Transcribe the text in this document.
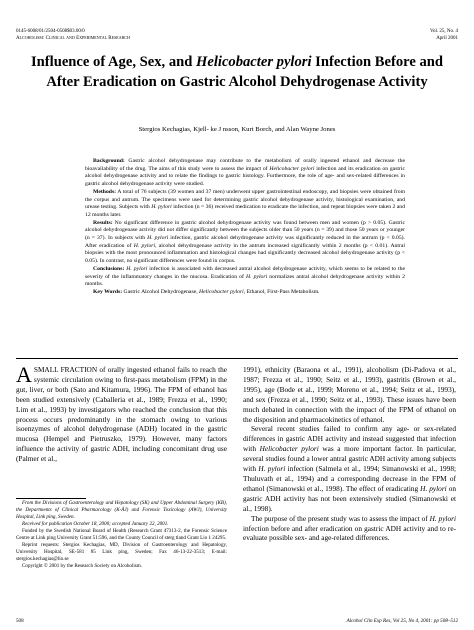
0145-6008/01/2504-0508$03.00/0
Alcoholism: Clinical and Experimental Research
Vol. 25, No. 4
April 2001
Influence of Age, Sex, and Helicobacter pylori Infection Before and After Eradication on Gastric Alcohol Dehydrogenase Activity
Stergios Kechagias, Kjell- ke J nsson, Kurt Borch, and Alan Wayne Jones

Background: Gastric alcohol dehydrogenase may contribute to the metabolism of orally ingested ethanol and decrease the bioavailability of the drug. The aims of this study were to assess the impact of Helicobacter pylori infection and its eradication on gastric alcohol dehydrogenase activity and to relate the findings to gastric histology. Furthermore, the role of age- and sex-related differences in gastric alcohol dehydrogenase activity were studied.

Methods: A total of 76 subjects (39 women and 37 men) underwent upper gastrointestinal endoscopy, and biopsies were obtained from the corpus and antrum. The specimens were used for determining gastric alcohol dehydrogenase activity, histological examination, and urease testing. Subjects with H. pylori infection (n = 36) received medication to eradicate the infection, and repeat biopsies were taken 2 and 12 months later.

Results: No significant difference in gastric alcohol dehydrogenase activity was found between men and women (p > 0.05). Gastric alcohol dehydrogenase activity did not differ significantly between the subjects older than 50 years (n = 39) and those 50 years or younger (n = 37). In subjects with H. pylori infection, gastric alcohol dehydrogenase activity was significantly reduced in the antrum (p < 0.05). After eradication of H. pylori, alcohol dehydrogenase activity in the antrum increased significantly within 2 months (p < 0.01). Antral biopsies with the most pronounced inflammation and histological changes had significantly decreased alcohol dehydrogenase activity (p < 0.05). In contrast, no significant differences were found in corpus.

Conclusions: H. pylori infection is associated with decreased antral alcohol dehydrogenase activity, which seems to be related to the severity of the inflammatory changes in the mucosa. Eradication of H. pylori normalizes antral alcohol dehydrogenase activity within 2 months.

Key Words: Gastric Alcohol Dehydrogenase, Helicobacter pylori, Ethanol, First-Pass Metabolism.

ASMALL FRACTION of orally ingested ethanol fails to reach the systemic circulation owing to first-pass metabolism (FPM) in the gut, liver, or both (Sato and Kitamura, 1996). The FPM of ethanol has been studied extensively (Caballeria et al., 1989; Frezza et al., 1990; Lim et al., 1993) by investigators who reached the conclusion that this process occurs predominantly in the stomach owing to various isoenzymes of alcohol dehydrogenase (ADH) located in the gastric mucosa (Hempel and Pietruszko, 1979). However, many factors influence the activity of gastric ADH, including concomitant drug use (Palmer et al.,

From the Divisions of Gastroenterology and Hepatology (SK) and Upper Abdominal Surgery (KB), the Departments of Clinical Pharmacology (K-ÅJ) and Forensic Toxicology (AWJ), University Hospital, Link ping, Sweden.

Received for publication October 18, 2000; accepted January 22, 2001.

Funded by the Swedish National Board of Health (Research Grant 47313-2, the Forensic Science Centre at Link ping University Grant 51:596, and the County Council of sterg tland Grant Lio 1 24295.

Reprint requests: Stergios Kechagias, MD, Division of Gastroenterology and Hepatology, University Hospital, SE-581 85 Link ping, Sweden; Fax 46-13-22-3513; E-mail: stergios.kechagias@lio.se

Copyright © 2001 by the Research Society on Alcoholism.

1991), ethnicity (Baraona et al., 1991), alcoholism (Di-Padova et al., 1987; Frezza et al., 1990; Seitz et al., 1993), gastritis (Brown et al., 1995), age (Bode et al., 1999; Moreno et al., 1994; Seitz et al., 1993), and sex (Frezza et al., 1990; Seitz et al., 1993). These issues have been much debated in connection with the impact of the FPM of ethanol on the disposition and pharmacokinetics of ethanol.

Several recent studies failed to confirm any age- or sex-related differences in gastric ADH activity and instead suggested that infection with Helicobacter pylori was a more important factor. In particular, several studies found a lower antral gastric ADH activity among subjects with H. pylori infection (Salmela et al., 1994; Simanowski et al., 1998; Thuluvath et al., 1994) and a corresponding decrease in the FPM of ethanol (Simanowski et al., 1998). The effect of eradicating H. pylori on gastric ADH activity has not been extensively studied (Simanowski et al., 1998).

The purpose of the present study was to assess the impact of H. pylori infection before and after eradication on gastric ADH activity and to re-evaluate possible sex- and age-related differences.

508	Alcohol Clin Exp Res, Vol 25, No 4, 2001: pp 508–512
